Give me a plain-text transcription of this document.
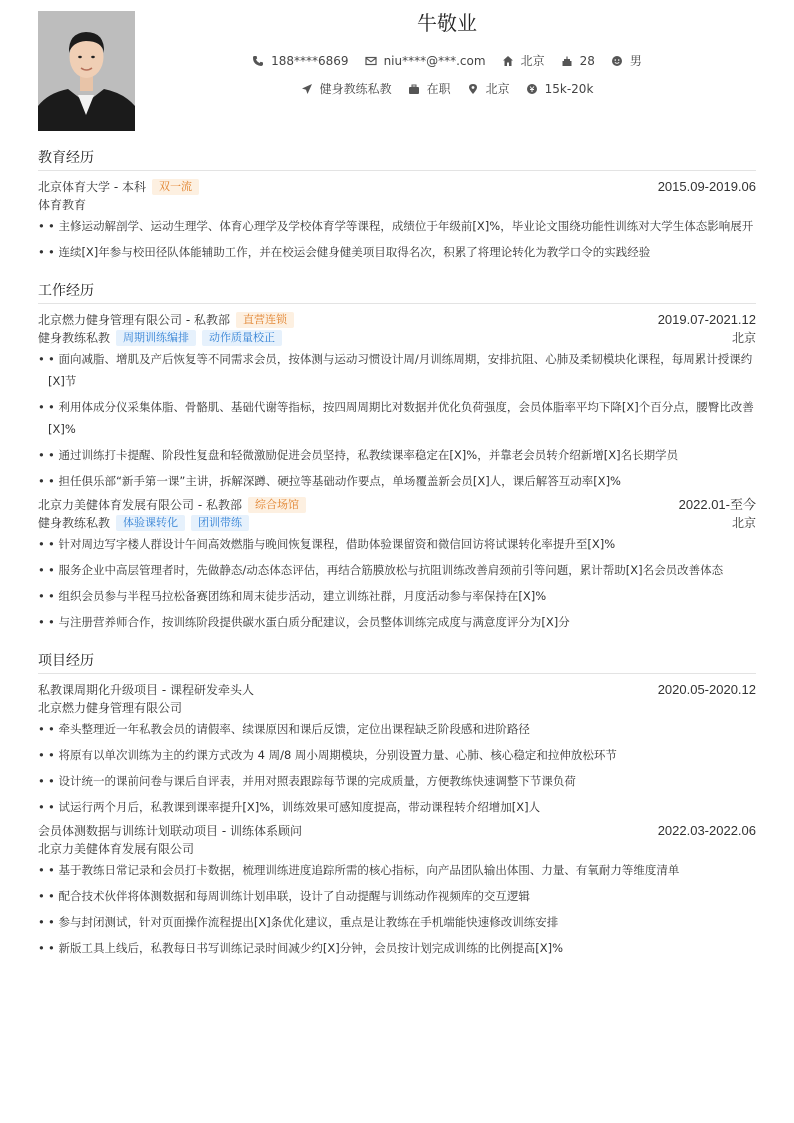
牛敬业
188****6869	niu****@***.com	北京	28	男
健身教练私教	在职	北京	15k-20k
教育经历
北京体育大学 - 本科	双一流	2015.09-2019.06
体育教育
• • 主修运动解剖学、运动生理学、体育心理学及学校体育学等课程，成绩位于年级前[X]%，毕业论文围绕功能性训练对大学生体态影响展开
• • 连续[X]年参与校田径队体能辅助工作，并在校运会健身健美项目取得名次，积累了将理论转化为教学口令的实践经验
工作经历
北京燃力健身管理有限公司 - 私教部	直营连锁	2019.07-2021.12
健身教练私教	周期训练编排	动作质量校正	北京
• • 面向减脂、增肌及产后恢复等不同需求会员，按体测与运动习惯设计周/月训练周期，安排抗阻、心肺及柔韧模块化课程，每周累计授课约[X]节
• • 利用体成分仪采集体脂、骨骼肌、基础代谢等指标，按四周周期比对数据并优化负荷强度，会员体脂率平均下降[X]个百分点，腰臀比改善[X]%
• • 通过训练打卡提醒、阶段性复盘和轻微激励促进会员坚持，私教续课率稳定在[X]%，并靠老会员转介绍新增[X]名长期学员
• • 担任俱乐部“新手第一课”主讲，拆解深蹲、硬拉等基础动作要点，单场覆盖新会员[X]人，课后解答互动率[X]%
北京力美健体育发展有限公司 - 私教部	综合场馆	2022.01-至今
健身教练私教	体验课转化	团训带练	北京
• • 针对周边写字楼人群设计午间高效燃脂与晚间恢复课程，借助体验课留资和微信回访将试课转化率提升至[X]%
• • 服务企业中高层管理者时，先做静态/动态体态评估，再结合筋膜放松与抗阻训练改善肩颈前引等问题，累计帮助[X]名会员改善体态
• • 组织会员参与半程马拉松备赛团练和周末徒步活动，建立训练社群，月度活动参与率保持在[X]%
• • 与注册营养师合作，按训练阶段提供碳水蛋白质分配建议，会员整体训练完成度与满意度评分为[X]分
项目经历
私教课周期化升级项目 - 课程研发牵头人	2020.05-2020.12
北京燃力健身管理有限公司
• • 牵头整理近一年私教会员的请假率、续课原因和课后反馈，定位出课程缺乏阶段感和进阶路径
• • 将原有以单次训练为主的约课方式改为 4 周/8 周小周期模块，分别设置力量、心肺、核心稳定和拉伸放松环节
• • 设计统一的课前问卷与课后自评表，并用对照表跟踪每节课的完成质量，方便教练快速调整下节课负荷
• • 试运行两个月后，私教课到课率提升[X]%，训练效果可感知度提高，带动课程转介绍增加[X]人
会员体测数据与训练计划联动项目 - 训练体系顾问	2022.03-2022.06
北京力美健体育发展有限公司
• • 基于教练日常记录和会员打卡数据，梳理训练进度追踪所需的核心指标，向产品团队输出体围、力量、有氧耐力等维度清单
• • 配合技术伙伴将体测数据和每周训练计划串联，设计了自动提醒与训练动作视频库的交互逻辑
• • 参与封闭测试，针对页面操作流程提出[X]条优化建议，重点是让教练在手机端能快速修改训练安排
• • 新版工具上线后，私教每日书写训练记录时间减少约[X]分钟，会员按计划完成训练的比例提高[X]%
